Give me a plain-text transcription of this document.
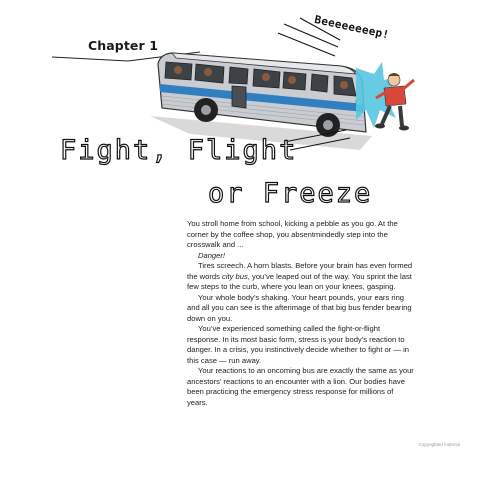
Chapter 1
Beeeeeeeep!
Fight, Flight
or Freeze

You stroll home from school, kicking a pebble as you go. At the corner by the coffee shop, you absentmindedly step into the crosswalk and ...

Danger!

Tires screech. A horn blasts. Before your brain has even formed the words city bus, you’ve leaped out of the way. You sprint the last few steps to the curb, where you lean on your knees, gasping.

Your whole body’s shaking. Your heart pounds, your ears ring and all you can see is the afterimage of that big bus fender bearing down on you.

You’ve experienced something called the fight-or-flight response. In its most basic form, stress is your body’s reaction to danger. In a crisis, you instinctively decide whether to fight or — in this case — run away.

Your reactions to an oncoming bus are exactly the same as your ancestors’ reactions to an encounter with a lion. Our bodies have been practicing the emergency stress response for millions of years.

Copyrighted material
